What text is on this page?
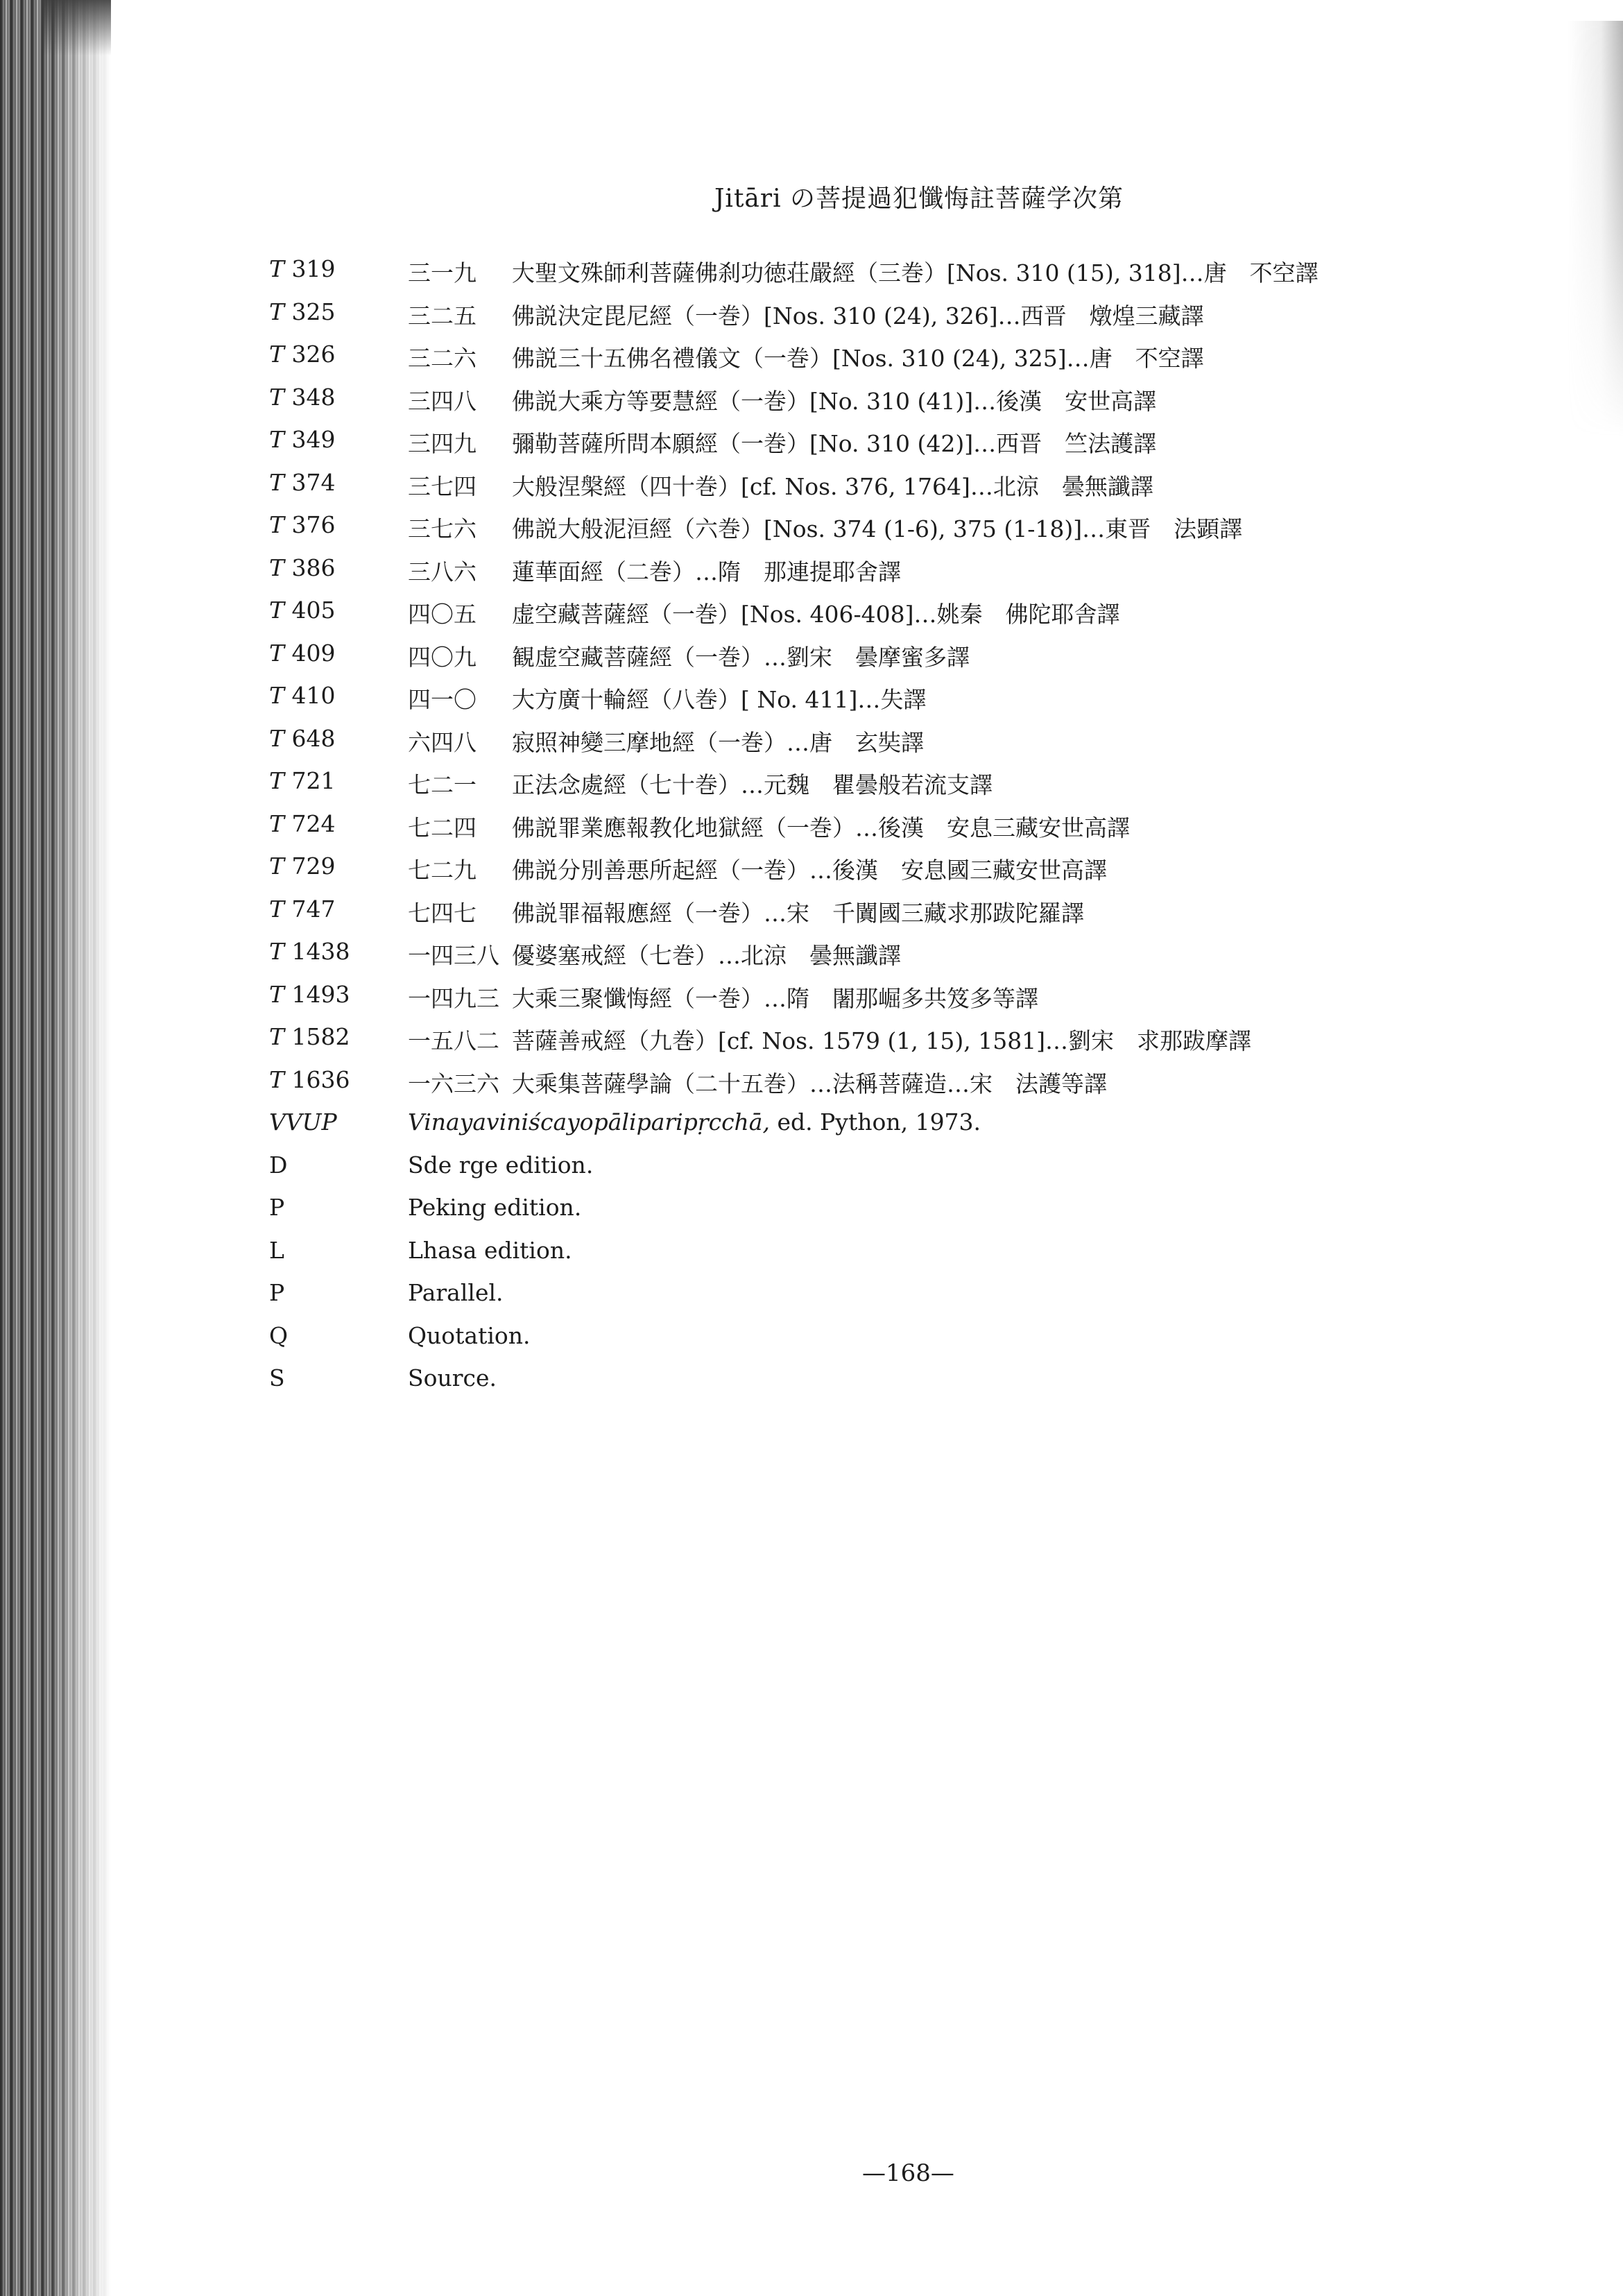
Jitāri の菩提過犯懺悔註菩薩学次第
T 319	三一九 大聖文殊師利菩薩佛刹功徳荘嚴經（三巻）[Nos. 310 (15), 318]…唐　不空譯
T 325	三二五 佛説決定毘尼經（一巻）[Nos. 310 (24), 326]…西晋　燉煌三藏譯
T 326	三二六 佛説三十五佛名禮儀文（一巻）[Nos. 310 (24), 325]…唐　不空譯
T 348	三四八 佛説大乘方等要慧經（一巻）[No. 310 (41)]…後漢　安世高譯
T 349	三四九 彌勒菩薩所問本願經（一巻）[No. 310 (42)]…西晋　竺法護譯
T 374	三七四 大般涅槃經（四十巻）[cf. Nos. 376, 1764]…北涼　曇無讖譯
T 376	三七六 佛説大般泥洹經（六巻）[Nos. 374 (1-6), 375 (1-18)]…東晋　法顕譯
T 386	三八六 蓮華面經（二巻）…隋　那連提耶舍譯
T 405	四〇五 虚空藏菩薩經（一巻）[Nos. 406-408]…姚秦　佛陀耶舎譯
T 409	四〇九 観虚空藏菩薩經（一巻）…劉宋　曇摩蜜多譯
T 410	四一〇 大方廣十輪經（八巻）[ No. 411]…失譯
T 648	六四八 寂照神變三摩地經（一巻）…唐　玄奘譯
T 721	七二一 正法念處經（七十巻）…元魏　瞿曇般若流支譯
T 724	七二四 佛説罪業應報教化地獄經（一巻）…後漢　安息三藏安世高譯
T 729	七二九 佛説分別善悪所起經（一巻）…後漢　安息國三藏安世高譯
T 747	七四七 佛説罪福報應經（一巻）…宋　千闐國三藏求那跋陀羅譯
T 1438	一四三八 優婆塞戒經（七巻）…北涼　曇無讖譯
T 1493	一四九三 大乘三聚懺悔經（一巻）…隋　闍那崛多共笈多等譯
T 1582	一五八二 菩薩善戒經（九巻）[cf. Nos. 1579 (1, 15), 1581]…劉宋　求那跋摩譯
T 1636	一六三六 大乘集菩薩學論（二十五巻）…法稱菩薩造…宋　法護等譯
VVUP	Vinayaviniścayopāliparipṛcchā, ed. Python, 1973.
D	Sde rge edition.
P	Peking edition.
L	Lhasa edition.
P	Parallel.
Q	Quotation.
S	Source.
—168—
